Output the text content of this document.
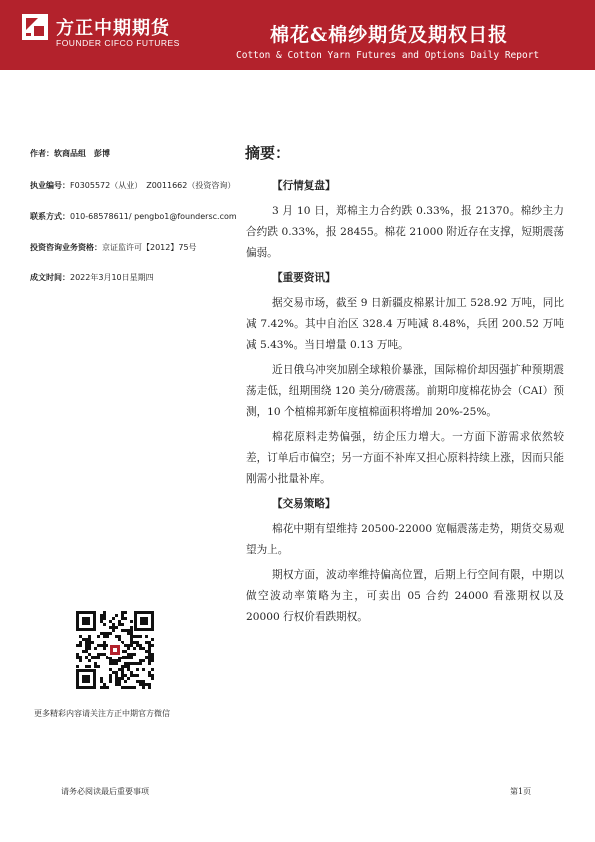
方正中期期货
FOUNDER CIFCO FUTURES	棉花&棉纱期货及期权日报
Cotton & Cotton Yarn Futures and Options Daily Report
作者：软商品组　彭博
执业编号：F0305572（从业）　Z0011662（投资咨询）
联系方式：010-68578611/ pengbo1@foundersc.com
投资咨询业务资格：京证监许可【2012】75号
成文时间：2022年3月10日星期四
摘要：
【行情复盘】

3 月 10 日，郑棉主力合约跌 0.33%，报 21370。棉纱主力合约跌 0.33%，报 28455。棉花 21000 附近存在支撑，短期震荡偏弱。

【重要资讯】

据交易市场，截至 9 日新疆皮棉累计加工 528.92 万吨，同比减 7.42%。其中自治区 328.4 万吨减 8.48%，兵团 200.52 万吨减 5.43%。当日增量 0.13 万吨。

近日俄乌冲突加剧全球粮价暴涨，国际棉价却因强扩种预期震荡走低，纽期围绕 120 美分/磅震荡。前期印度棉花协会（CAI）预测，10 个植棉邦新年度植棉面积将增加 20%-25%。

棉花原料走势偏强，纺企压力增大。一方面下游需求依然较差，订单后市偏空；另一方面不补库又担心原料持续上涨，因而只能刚需小批量补库。

【交易策略】

棉花中期有望维持 20500-22000 宽幅震荡走势，期货交易观望为上。

期权方面，波动率维持偏高位置，后期上行空间有限，中期以做空波动率策略为主，可卖出 05 合约 24000 看涨期权以及 20000 行权价看跌期权。

更多精彩内容请关注方正中期官方微信
请务必阅读最后重要事项	第1页
